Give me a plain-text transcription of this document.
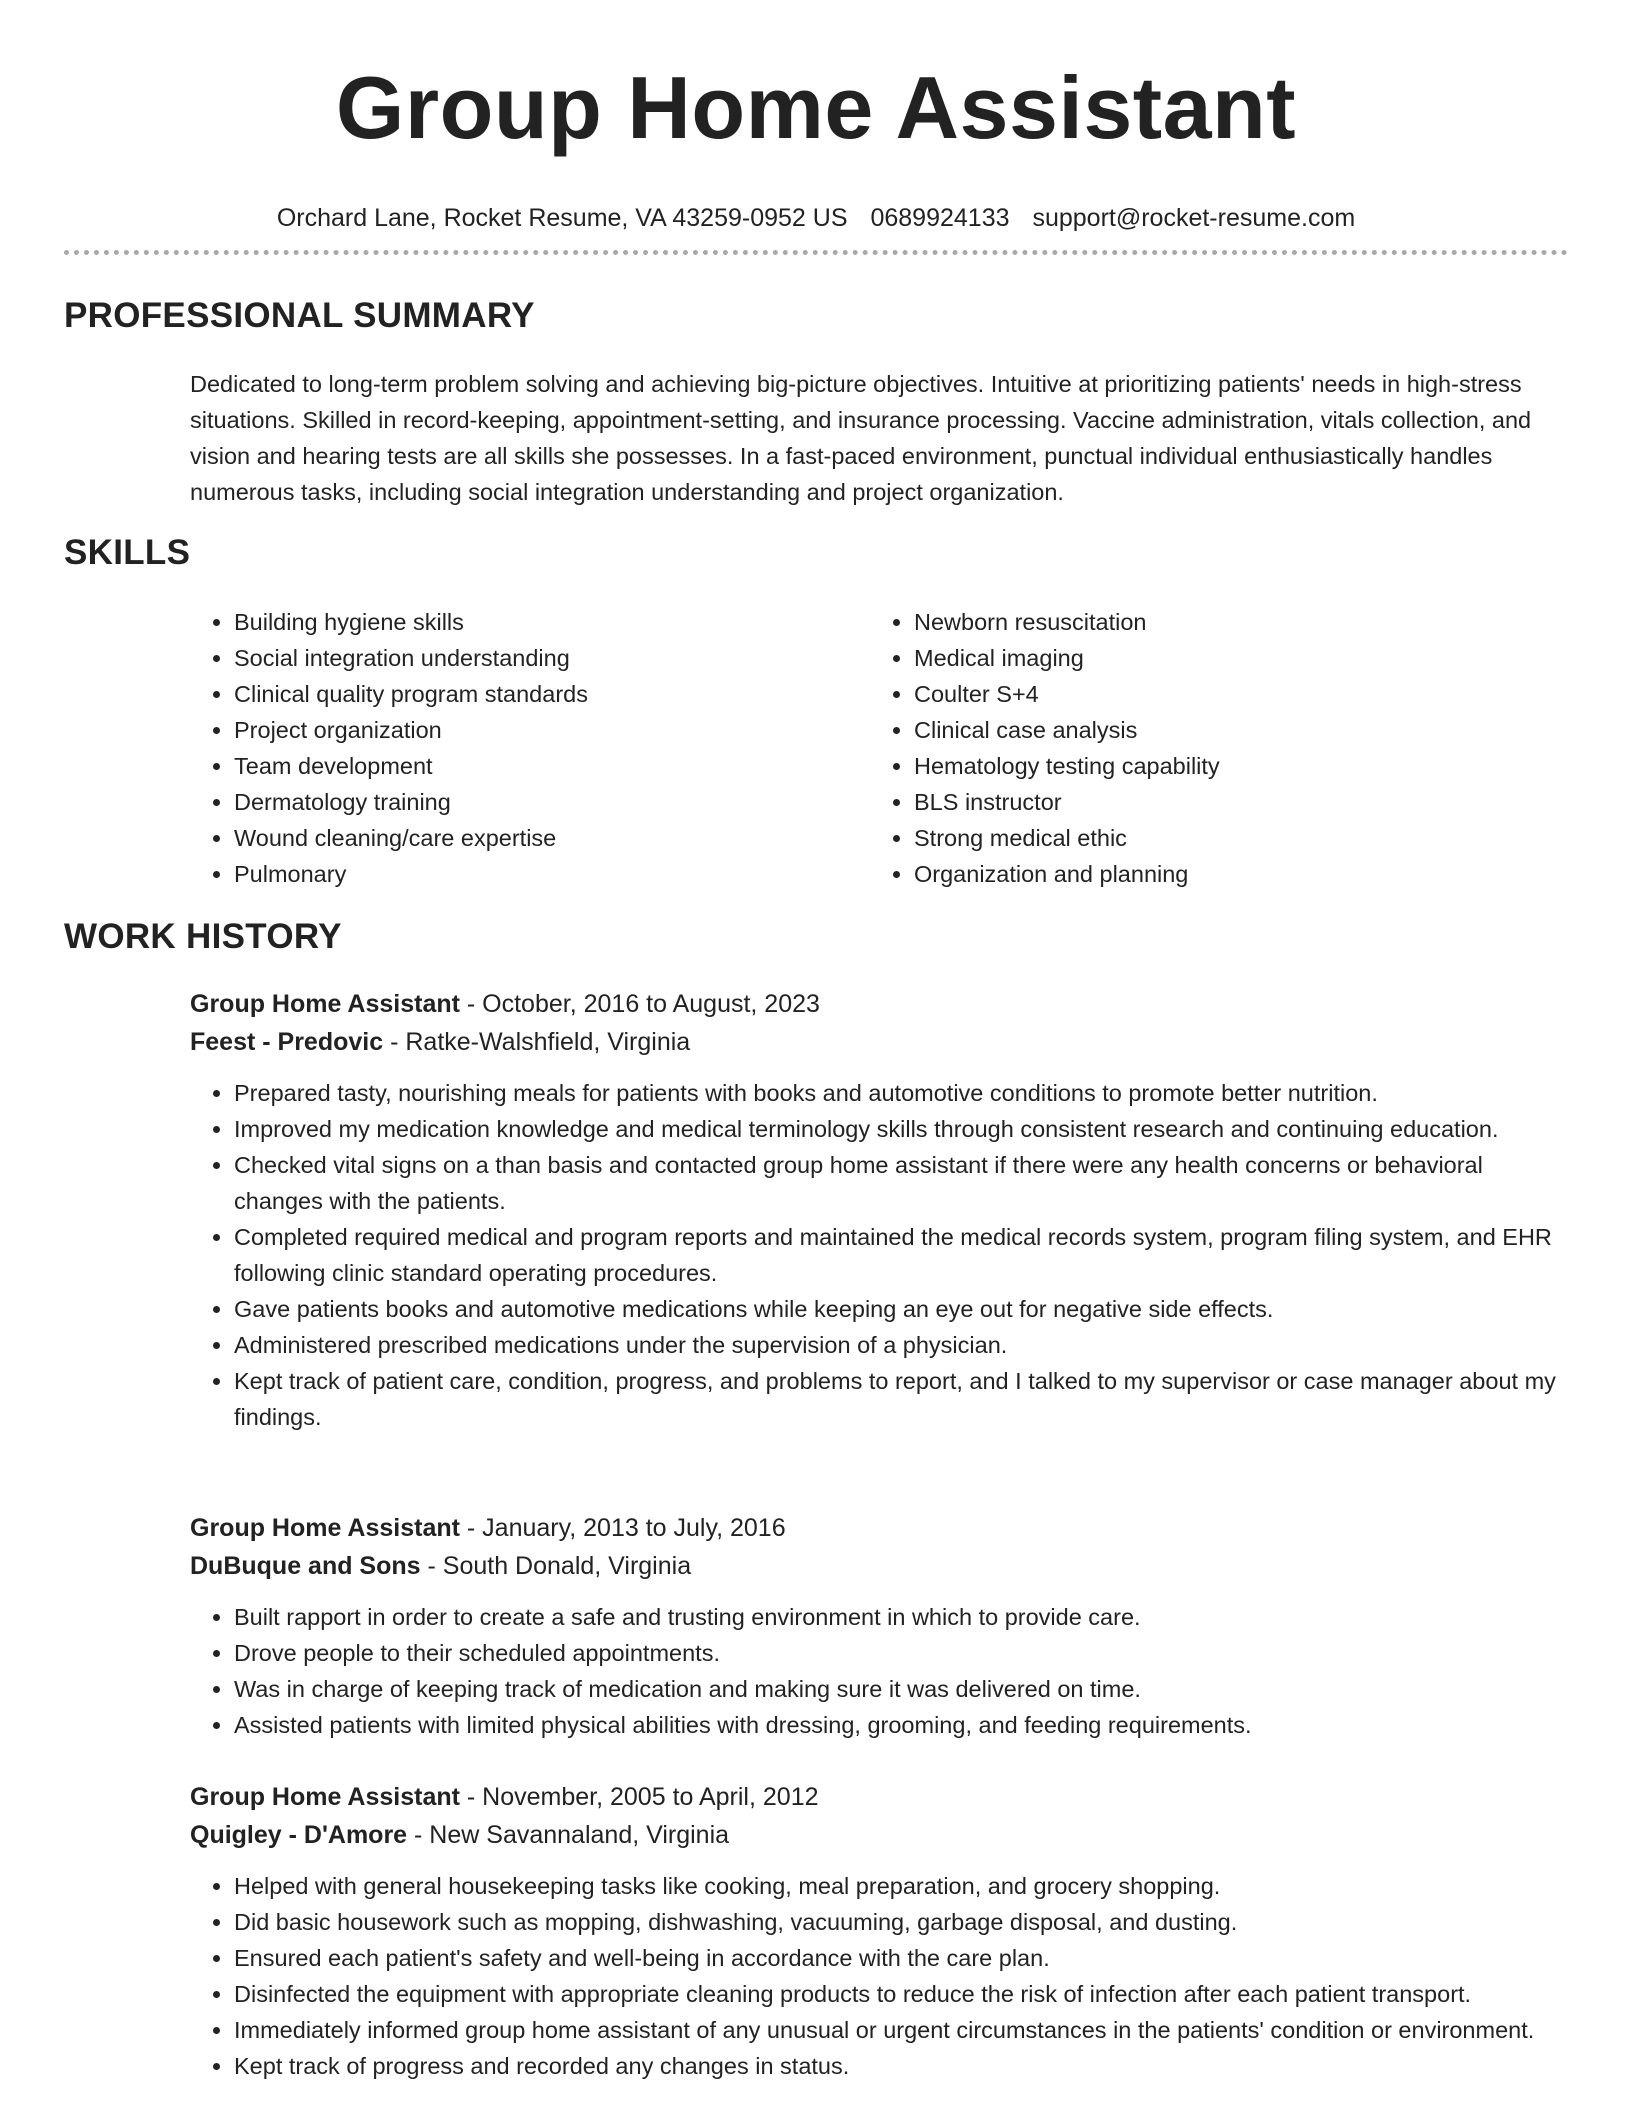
Group Home Assistant
Orchard Lane, Rocket Resume, VA 43259-0952 US 0689924133 support@rocket-resume.com
PROFESSIONAL SUMMARY

Dedicated to long-term problem solving and achieving big-picture objectives. Intuitive at prioritizing patients' needs in high-stress situations. Skilled in record-keeping, appointment-setting, and insurance processing. Vaccine administration, vitals collection, and vision and hearing tests are all skills she possesses. In a fast-paced environment, punctual individual enthusiastically handles numerous tasks, including social integration understanding and project organization.

SKILLS
• Building hygiene skills
• Social integration understanding
• Clinical quality program standards
• Project organization
• Team development
• Dermatology training
• Wound cleaning/care expertise
• Pulmonary
• Newborn resuscitation
• Medical imaging
• Coulter S+4
• Clinical case analysis
• Hematology testing capability
• BLS instructor
• Strong medical ethic
• Organization and planning
WORK HISTORY
Group Home Assistant - October, 2016 to August, 2023
Feest - Predovic - Ratke-Walshfield, Virginia
• Prepared tasty, nourishing meals for patients with books and automotive conditions to promote better nutrition.
• Improved my medication knowledge and medical terminology skills through consistent research and continuing education.
• Checked vital signs on a than basis and contacted group home assistant if there were any health concerns or behavioral changes with the patients.
• Completed required medical and program reports and maintained the medical records system, program filing system, and EHR following clinic standard operating procedures.
• Gave patients books and automotive medications while keeping an eye out for negative side effects.
• Administered prescribed medications under the supervision of a physician.
• Kept track of patient care, condition, progress, and problems to report, and I talked to my supervisor or case manager about my findings.
Group Home Assistant - January, 2013 to July, 2016
DuBuque and Sons - South Donald, Virginia
• Built rapport in order to create a safe and trusting environment in which to provide care.
• Drove people to their scheduled appointments.
• Was in charge of keeping track of medication and making sure it was delivered on time.
• Assisted patients with limited physical abilities with dressing, grooming, and feeding requirements.
Group Home Assistant - November, 2005 to April, 2012
Quigley - D'Amore - New Savannaland, Virginia
• Helped with general housekeeping tasks like cooking, meal preparation, and grocery shopping.
• Did basic housework such as mopping, dishwashing, vacuuming, garbage disposal, and dusting.
• Ensured each patient's safety and well-being in accordance with the care plan.
• Disinfected the equipment with appropriate cleaning products to reduce the risk of infection after each patient transport.
• Immediately informed group home assistant of any unusual or urgent circumstances in the patients' condition or environment.
• Kept track of progress and recorded any changes in status.
